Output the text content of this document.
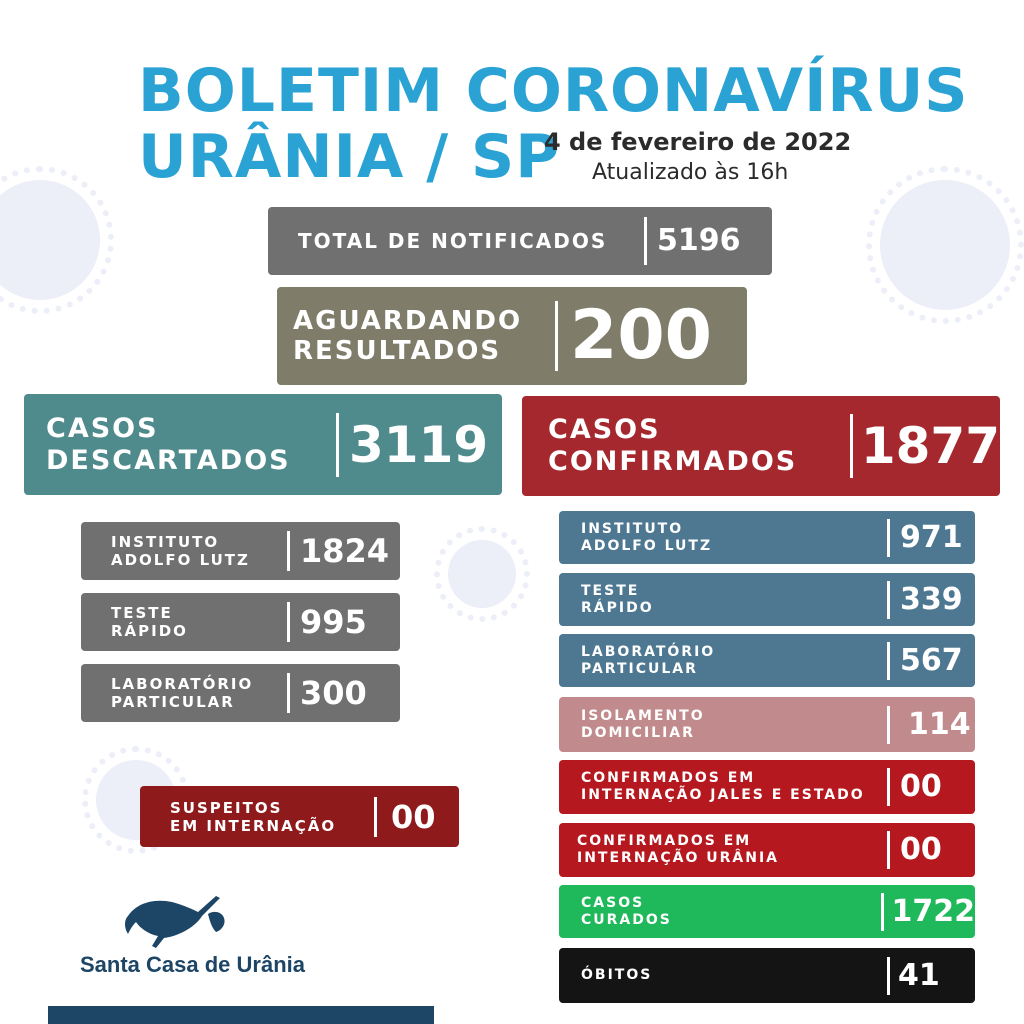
BOLETIM CORONAVÍRUS
URÂNIA / SP
4 de fevereiro de 2022
Atualizado às 16h
TOTAL DE NOTIFICADOS	5196
AGUARDANDO
RESULTADOS	200
CASOS
DESCARTADOS	3119	CASOS
CONFIRMADOS	1877
INSTITUTO
ADOLFO LUTZ	1824
TESTE
RÁPIDO	995
LABORATÓRIO
PARTICULAR	300
SUSPEITOS
EM INTERNAÇÃO	00
INSTITUTO
ADOLFO LUTZ	971
TESTE
RÁPIDO	339
LABORATÓRIO
PARTICULAR	567
ISOLAMENTO
DOMICILIAR	114
CONFIRMADOS EM
INTERNAÇÃO JALES E ESTADO	00
CONFIRMADOS EM
INTERNAÇÃO URÂNIA	00
CASOS
CURADOS	1722
ÓBITOS	41
Santa Casa de Urânia
